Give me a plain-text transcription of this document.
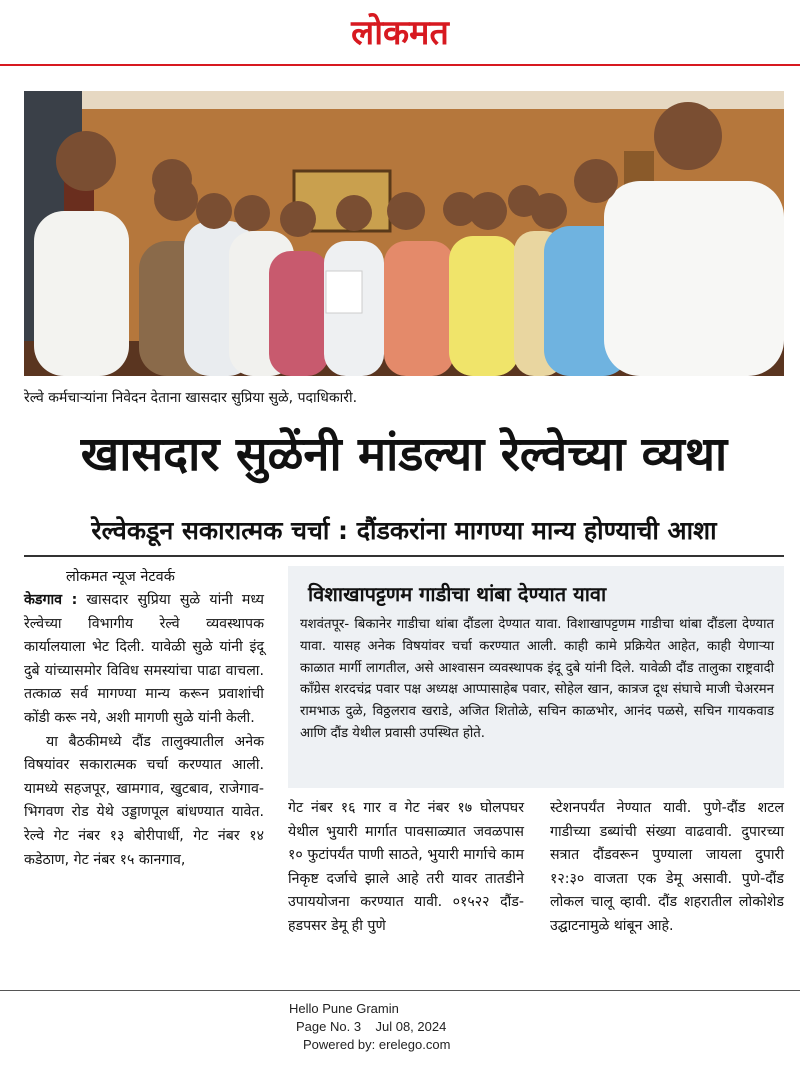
लोकमत
रेल्वे कर्मचाऱ्यांना निवेदन देताना खासदार सुप्रिया सुळे, पदाधिकारी.
खासदार सुळेंनी मांडल्या रेल्वेच्या व्यथा
रेल्वेकडून सकारात्मक चर्चा : दौंडकरांना मागण्या मान्य होण्याची आशा

लोकमत न्यूज नेटवर्क

केडगाव : खासदार सुप्रिया सुळे यांनी मध्य रेल्वेच्या विभागीय रेल्वे व्यवस्थापक कार्यालयाला भेट दिली. यावेळी सुळे यांनी इंदू दुबे यांच्यासमोर विविध समस्यांचा पाढा वाचला. तत्काळ सर्व मागण्या मान्य करून प्रवाशांची कोंडी करू नये, अशी मागणी सुळे यांनी केली.

या बैठकीमध्ये दौंड तालुक्यातील अनेक विषयांवर सकारात्मक चर्चा करण्यात आली. यामध्ये सहजपूर, खामगाव, खुटबाव, राजेगाव-भिगवण रोड येथे उड्डाणपूल बांधण्यात यावेत. रेल्वे गेट नंबर १३ बोरीपार्धी, गेट नंबर १४ कडेठाण, गेट नंबर १५ कानगाव,

विशाखापट्टणम गाडीचा थांबा देण्यात यावा
यशवंतपूर- बिकानेर गाडीचा थांबा दौंडला देण्यात यावा. विशाखापट्टणम गाडीचा थांबा दौंडला देण्यात यावा. यासह अनेक विषयांवर चर्चा करण्यात आली. काही कामे प्रक्रियेत आहेत, काही येणाऱ्या काळात मार्गी लागतील, असे आश्वासन व्यवस्थापक इंदू दुबे यांनी दिले. यावेळी दौंड तालुका राष्ट्रवादी काँग्रेस शरदचंद्र पवार पक्ष अध्यक्ष आप्पासाहेब पवार, सोहेल खान, कात्रज दूध संघाचे माजी चेअरमन रामभाऊ दुळे, विठ्ठलराव खराडे, अजित शितोळे, सचिन काळभोर, आनंद पळसे, सचिन गायकवाड आणि दौंड येथील प्रवासी उपस्थित होते.
गेट नंबर १६ गार व गेट नंबर १७ घोलपघर येथील भुयारी मार्गात पावसाळ्यात जवळपास १० फुटांपर्यंत पाणी साठते, भुयारी मार्गाचे काम निकृष्ट दर्जाचे झाले आहे तरी यावर तातडीने उपाययोजना करण्यात यावी. ०१५२२ दौंड-हडपसर डेमू ही पुणे
स्टेशनपर्यंत नेण्यात यावी. पुणे-दौंड शटल गाडीच्या डब्यांची संख्या वाढवावी. दुपारच्या सत्रात दौंडवरून पुण्याला जायला दुपारी १२:३० वाजता एक डेमू असावी. पुणे-दौंड लोकल चालू व्हावी. दौंड शहरातील लोकोशेड उद्घाटनामुळे थांबून आहे.
Hello Pune Gramin
Page No. 3    Jul 08, 2024
Powered by: erelego.com
